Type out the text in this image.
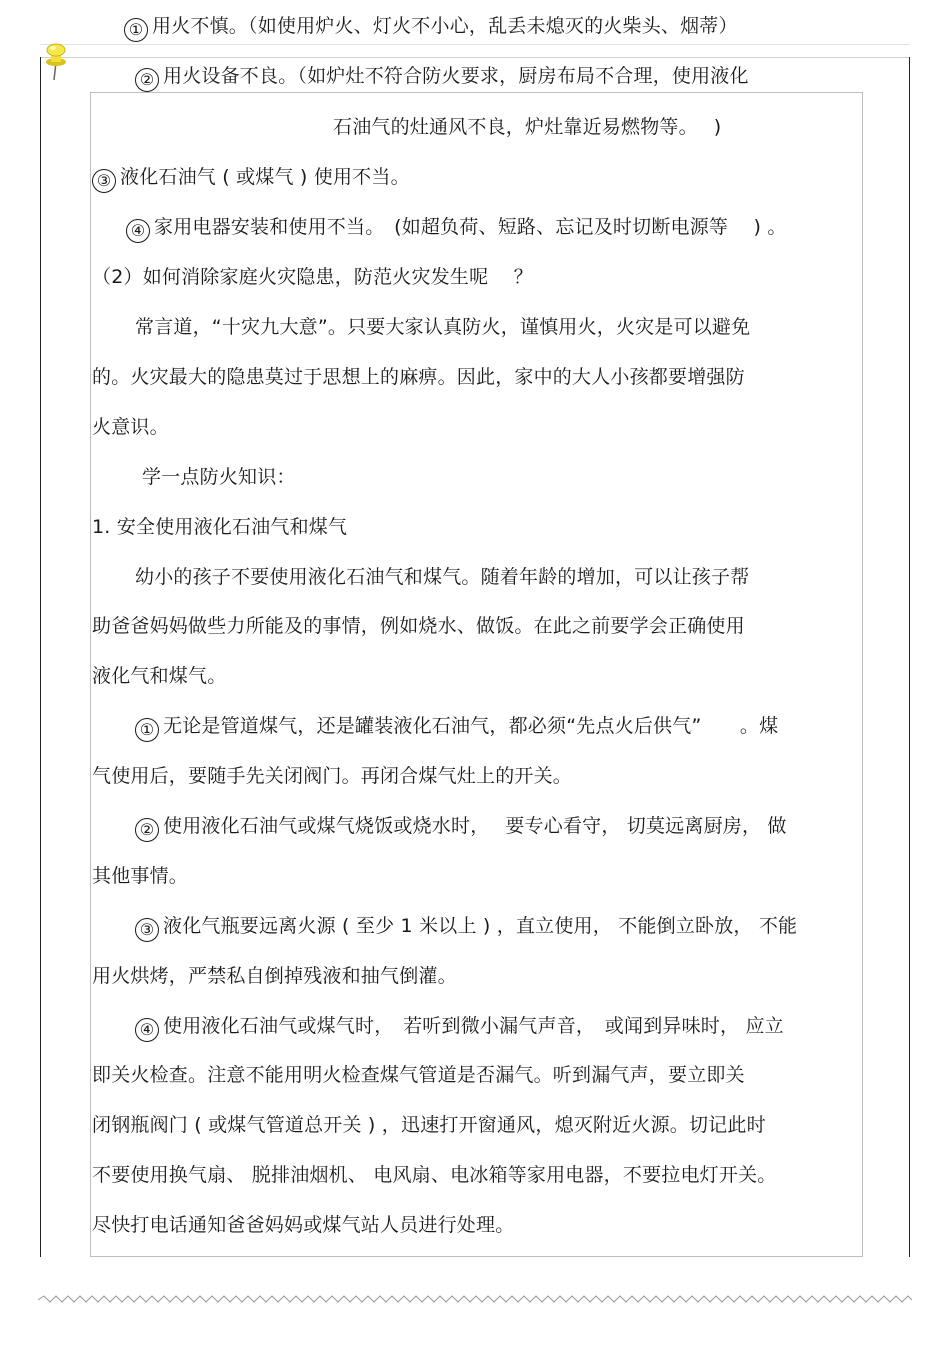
① 用火不慎。（如使用炉火、灯火不小心，乱丢未熄灭的火柴头、烟蒂）
② 用火设备不良。（如炉灶不符合防火要求，厨房布局不合理，使用液化
石油气的灶通风不良，炉灶靠近易燃物等。　 )
③ 液化石油气 ( 或煤气 ) 使用不当。
④ 家用电器安装和使用不当。　(如超负荷、短路、忘记及时切断电源等　 ) 。
（2）如何消除家庭火灾隐患，防范火灾发生呢　 ？
常言道，“十灾九大意”。只要大家认真防火，谨慎用火，火灾是可以避免
的。火灾最大的隐患莫过于思想上的麻痹。因此，家中的大人小孩都要增强防
火意识。
学一点防火知识：
1. 安全使用液化石油气和煤气
幼小的孩子不要使用液化石油气和煤气。随着年龄的增加，可以让孩子帮
助爸爸妈妈做些力所能及的事情，例如烧水、做饭。在此之前要学会正确使用
液化气和煤气。
① 无论是管道煤气，还是罐装液化石油气，都必须“先点火后供气”　　。煤
气使用后，要随手先关闭阀门。再闭合煤气灶上的开关。
② 使用液化石油气或煤气烧饭或烧水时，　 要专心看守， 切莫远离厨房， 做
其他事情。
③ 液化气瓶要远离火源 ( 至少 1 米以上 ) ，直立使用， 不能倒立卧放， 不能
用火烘烤，严禁私自倒掉残液和抽气倒灌。
④ 使用液化石油气或煤气时，　若听到微小漏气声音，　或闻到异味时， 应立
即关火检查。注意不能用明火检查煤气管道是否漏气。听到漏气声，要立即关
闭钢瓶阀门 ( 或煤气管道总开关 ) ，迅速打开窗通风，熄灭附近火源。切记此时
不要使用换气扇、 脱排油烟机、 电风扇、电冰箱等家用电器，不要拉电灯开关。
尽快打电话通知爸爸妈妈或煤气站人员进行处理。
